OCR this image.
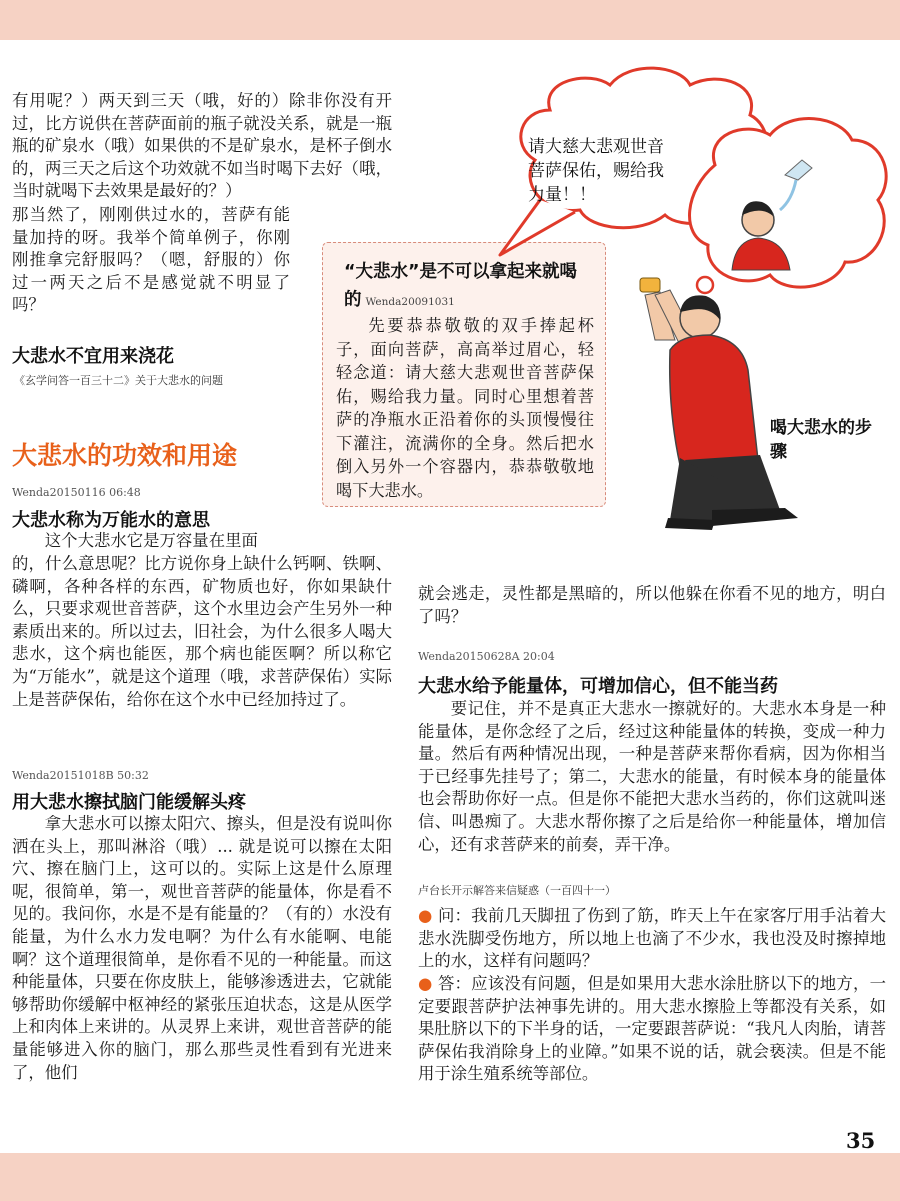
有用呢？）两天到三天（哦，好的）除非你没有开过，比方说供在菩萨面前的瓶子就没关系，就是一瓶瓶的矿泉水（哦）如果供的不是矿泉水，是杯子倒水的，两三天之后这个功效就不如当时喝下去好（哦，当时就喝下去效果是最好的？）

那当然了，刚刚供过水的，菩萨有能量加持的呀。我举个简单例子，你刚刚推拿完舒服吗？（嗯，舒服的）你过一两天之后不是感觉就不明显了吗？

大悲水不宜用来浇花
《玄学问答一百三十二》关于大悲水的问题
大悲水的功效和用途
Wenda20150116 06:48
大悲水称为万能水的意思

这个大悲水它是万容量在里面

的，什么意思呢？比方说你身上缺什么钙啊、铁啊、磷啊，各种各样的东西，矿物质也好，你如果缺什么，只要求观世音菩萨，这个水里边会产生另外一种素质出来的。所以过去，旧社会，为什么很多人喝大悲水，这个病也能医，那个病也能医啊？所以称它为“万能水”，就是这个道理（哦，求菩萨保佑）实际上是菩萨保佑，给你在这个水中已经加持过了。

Wenda20151018B 50:32
用大悲水擦拭脑门能缓解头疼

拿大悲水可以擦太阳穴、擦头，但是没有说叫你洒在头上，那叫淋浴（哦）... 就是说可以擦在太阳穴、擦在脑门上，这可以的。实际上这是什么原理呢，很简单，第一，观世音菩萨的能量体，你是看不见的。我问你，水是不是有能量的？（有的）水没有能量，为什么水力发电啊？为什么有水能啊、电能啊？这个道理很简单，是你看不见的一种能量。而这种能量体，只要在你皮肤上，能够渗透进去，它就能够帮助你缓解中枢神经的紧张压迫状态，这是从医学上和肉体上来讲的。从灵界上来讲，观世音菩萨的能量能够进入你的脑门，那么那些灵性看到有光进来了，他们

“大悲水”是不可以拿起来就喝的 Wenda20091031

先要恭恭敬敬的双手捧起杯子，面向菩萨，高高举过眉心，轻轻念道：请大慈大悲观世音菩萨保佑，赐给我力量。同时心里想着菩萨的净瓶水正沿着你的头顶慢慢往下灌注，流满你的全身。然后把水倒入另外一个容器内，恭恭敬敬地喝下大悲水。

请大慈大悲观世音菩萨保佑，赐给我力量！！
喝大悲水的步骤

就会逃走，灵性都是黑暗的，所以他躲在你看不见的地方，明白了吗？

Wenda20150628A 20:04
大悲水给予能量体，可增加信心，但不能当药

要记住，并不是真正大悲水一擦就好的。大悲水本身是一种能量体，是你念经了之后，经过这种能量体的转换，变成一种力量。然后有两种情况出现，一种是菩萨来帮你看病，因为你相当于已经事先挂号了；第二，大悲水的能量，有时候本身的能量体也会帮助你好一点。但是你不能把大悲水当药的，你们这就叫迷信、叫愚痴了。大悲水帮你擦了之后是给你一种能量体，增加信心，还有求菩萨来的前奏，弄干净。

卢台长开示解答来信疑惑（一百四十一）

● 问：我前几天脚扭了伤到了筋，昨天上午在家客厅用手沾着大悲水洗脚受伤地方，所以地上也滴了不少水，我也没及时擦掉地上的水，这样有问题吗？

● 答：应该没有问题，但是如果用大悲水涂肚脐以下的地方，一定要跟菩萨护法神事先讲的。用大悲水擦脸上等都没有关系，如果肚脐以下的下半身的话，一定要跟菩萨说：“我凡人肉胎，请菩萨保佑我消除身上的业障。”如果不说的话，就会亵渎。但是不能用于涂生殖系统等部位。

35
